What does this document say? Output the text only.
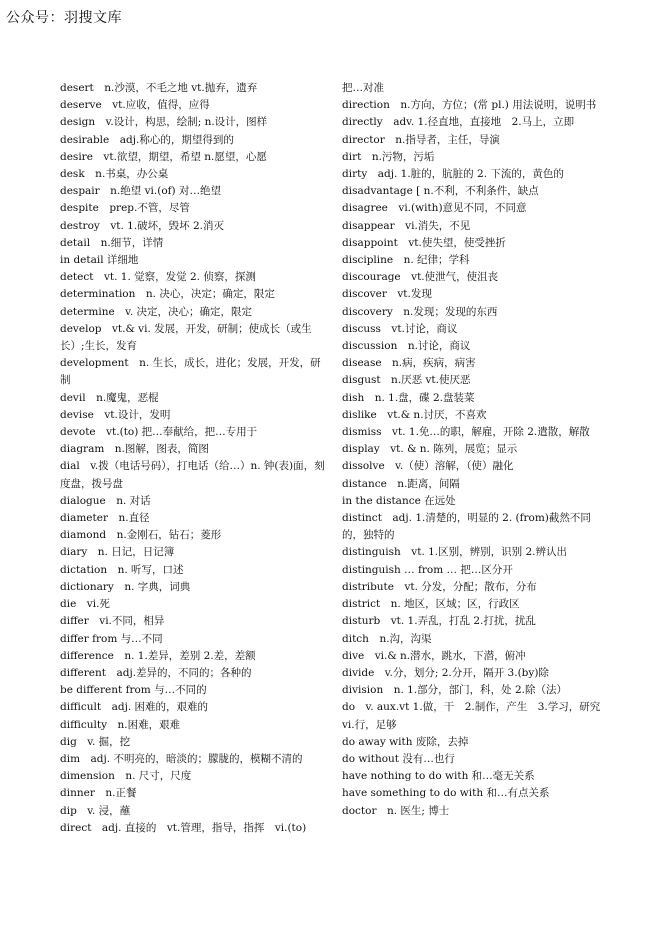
公众号：羽搜文库

desert　n.沙漠，不毛之地 vt.抛弃，遗弃

deserve　vt.应收，值得，应得

design　v.设计，构思，绘制; n.设计，图样

desirable　adj.称心的，期望得到的

desire　vt.欲望，期望，希望 n.愿望，心愿

desk　n.书桌，办公桌

despair　n.绝望 vi.(of) 对…绝望

despite　prep.不管，尽管

destroy　vt. 1.破坏，毁坏 2.消灭

detail　n.细节，详情

in detail 详细地

detect　vt. 1. 觉察，发觉 2. 侦察，探测

determination　n. 决心，决定；确定，限定

determine　v. 决定，决心；确定，限定

develop　vt.& vi. 发展，开发，研制；使成长（或生长）;生长，发育

development　n. 生长，成长，进化；发展，开发，研制

devil　n.魔鬼，恶棍

devise　vt.设计，发明

devote　vt.(to) 把…奉献给，把…专用于

diagram　n.图解，图表，简图

dial　v.拨（电话号码），打电话（给…）n. 钟(表)面，刻度盘，拨号盘

dialogue　n. 对话

diameter　n.直径

diamond　n.金刚石，钻石；菱形

diary　n. 日记，日记簿

dictation　n. 听写，口述

dictionary　n. 字典，词典

die　vi.死

differ　vi.不同，相异

differ from 与…不同

difference　n. 1.差异，差别 2.差，差额

different　adj.差异的，不同的；各种的

be different from 与…不同的

difficult　adj. 困难的，艰难的

difficulty　n.困难，艰难

dig　v. 掘，挖

dim　adj. 不明亮的，暗淡的；朦胧的，模糊不清的

dimension　n. 尺寸，尺度

dinner　n.正餐

dip　v. 浸，蘸

direct　adj. 直接的　vt.管理，指导，指挥　vi.(to)

把…对准

direction　n.方向，方位；(常 pl.) 用法说明，说明书

directly　adv. 1.径直地，直接地　2.马上，立即

director　n.指导者，主任，导演

dirt　n.污物，污垢

dirty　adj. 1.脏的，肮脏的 2. 下流的，黄色的

disadvantage [ n.不利，不利条件，缺点

disagree　vi.(with)意见不同，不同意

disappear　vi.消失，不见

disappoint　vt.使失望，使受挫折

discipline　n. 纪律；学科

discourage　vt.使泄气，使沮丧

discover　vt.发现

discovery　n.发现；发现的东西

discuss　vt.讨论，商议

discussion　n.讨论，商议

disease　n.病，疾病，病害

disgust　n.厌恶 vt.使厌恶

dish　n. 1.盘，碟 2.盘装菜

dislike　vt.& n.讨厌，不喜欢

dismiss　vt. 1.免…的职，解雇，开除 2.遣散，解散

display　vt. & n. 陈列，展览；显示

dissolve　v.（使）溶解，（使）融化

distance　n.距离，间隔

in the distance 在远处

distinct　adj. 1.清楚的，明显的 2. (from)截然不同的，独特的

distinguish　vt. 1.区别，辨别，识别 2.辨认出

distinguish … from … 把…区分开

distribute　vt. 分发，分配；散布，分布

district　n. 地区，区域；区，行政区

disturb　vt. 1.弄乱，打乱 2.打扰，扰乱

ditch　n.沟，沟渠

dive　vi.& n.潜水，跳水，下潜，俯冲

divide　v.分，划分; 2.分开，隔开 3.(by)除

division　n. 1.部分，部门，科，处 2.除（法）

do　v. aux.vt 1.做，干　2.制作，产生　3.学习，研究 vi.行，足够

do away with 废除，去掉

do without 没有…也行

have nothing to do with 和…毫无关系

have something to do with 和…有点关系

doctor　n. 医生; 博士
